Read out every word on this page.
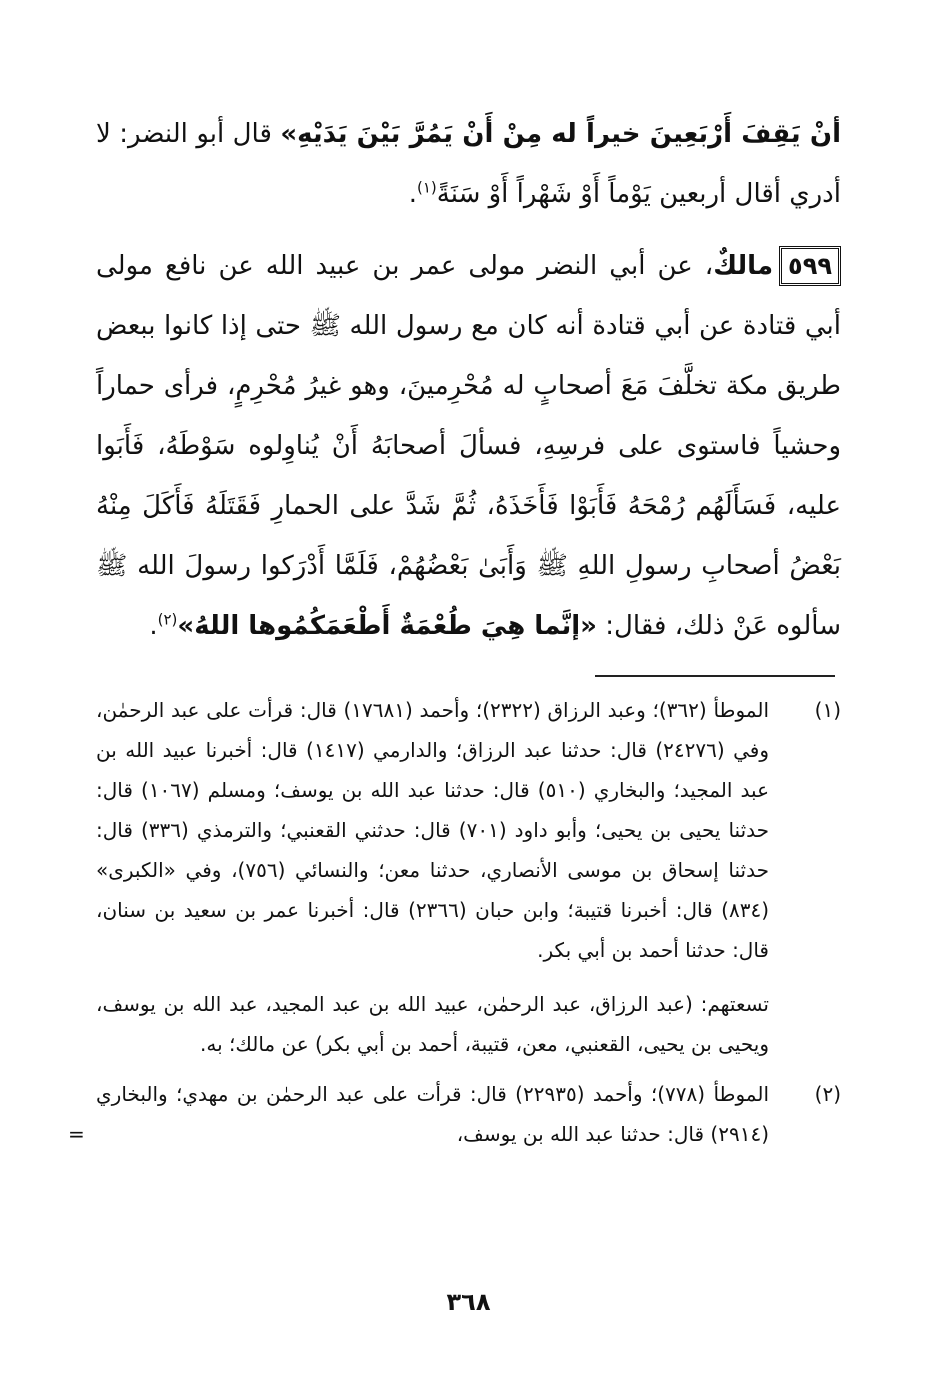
أنْ يَقِفَ أَرْبَعِينَ خيراً له مِنْ أَنْ يَمُرَّ بَيْنَ يَدَيْهِ» قال أبو النضر: لا أدري أقال أربعين يَوْماً أَوْ شَهْراً أَوْ سَنَةً$^{(١)}$.

٥٩٩مالكٌ، عن أبي النضر مولى عمر بن عبيد الله عن نافع مولى أبي قتادة عن أبي قتادة أنه كان مع رسول الله ﷺ حتى إذا كانوا ببعض طريق مكة تخلَّفَ مَعَ أصحابٍ له مُحْرِمينَ، وهو غيرُ مُحْرِمٍ، فرأى حماراً وحشياً فاستوى على فرسِهِ، فسألَ أصحابَهُ أَنْ يُناوِلوه سَوْطَهُ، فَأَبَوا عليه، فَسَأَلَهُم رُمْحَهُ فَأَبَوْا فَأَخَذَهُ، ثُمَّ شَدَّ على الحمارِ فَقَتَلَهُ فَأَكَلَ مِنْهُ بَعْضُ أصحابِ رسولِ اللهِ ﷺ وَأَبَىٰ بَعْضُهُمْ، فَلَمَّا أَدْرَكوا رسولَ الله ﷺ سألوه عَنْ ذلك، فقال: «إنَّما هِيَ طُعْمَةٌ أَطْعَمَكُمُوها اللهُ»$^{(٢)}$.

(١)

الموطأ (٣٦٢)؛ وعبد الرزاق (٢٣٢٢)؛ وأحمد (١٧٦٨١) قال: قرأت على عبد الرحمٰن، وفي (٢٤٢٧٦) قال: حدثنا عبد الرزاق؛ والدارمي (١٤١٧) قال: أخبرنا عبيد الله بن عبد المجيد؛ والبخاري (٥١٠) قال: حدثنا عبد الله بن يوسف؛ ومسلم (١٠٦٧) قال: حدثنا يحيى بن يحيى؛ وأبو داود (٧٠١) قال: حدثني القعنبي؛ والترمذي (٣٣٦) قال: حدثنا إسحاق بن موسى الأنصاري، حدثنا معن؛ والنسائي (٧٥٦)، وفي «الكبرى» (٨٣٤) قال: أخبرنا قتيبة؛ وابن حبان (٢٣٦٦) قال: أخبرنا عمر بن سعيد بن سنان، قال: حدثنا أحمد بن أبي بكر.

تسعتهم: (عبد الرزاق، عبد الرحمٰن، عبيد الله بن عبد المجيد، عبد الله بن يوسف، ويحيى بن يحيى، القعنبي، معن، قتيبة، أحمد بن أبي بكر) عن مالك؛ به.

(٢)

الموطأ (٧٧٨)؛ وأحمد (٢٢٩٣٥) قال: قرأت على عبد الرحمٰن بن مهدي؛ والبخاري (٢٩١٤) قال: حدثنا عبد الله بن يوسف،

=
٣٦٨
